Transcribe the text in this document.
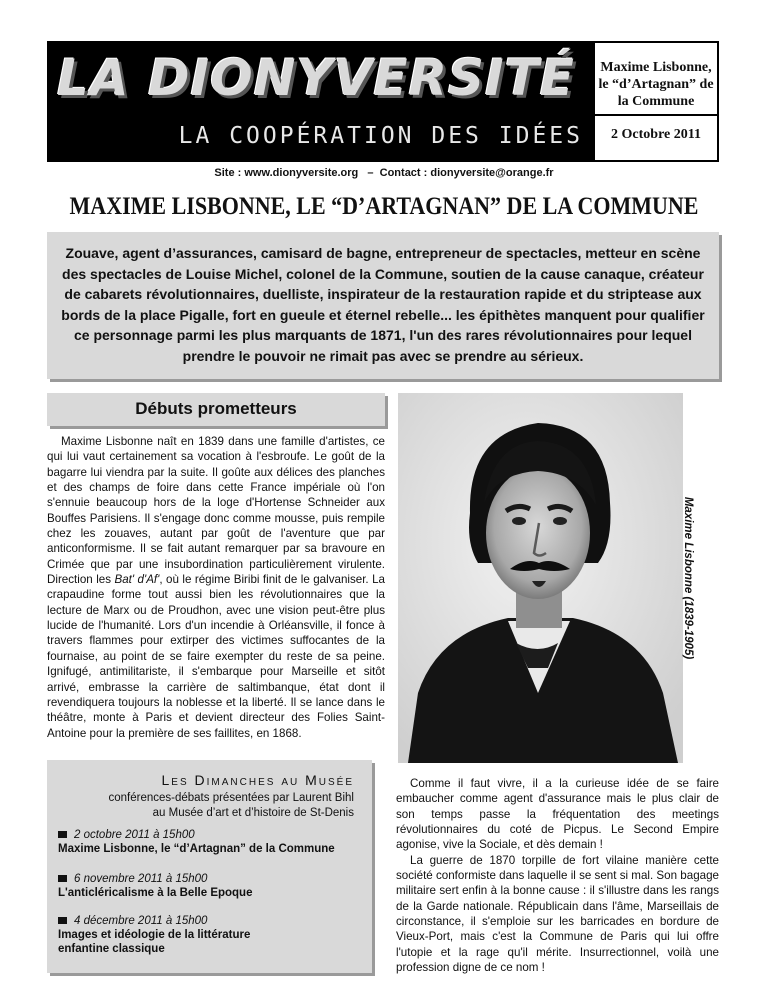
LA DIONYVERSITÉ
LA COOPÉRATION DES IDÉES
Maxime Lisbonne, le “d’Artagnan” de la Commune
2 Octobre 2011
Site : www.dionyversite.org   –  Contact : dionyversite@orange.fr
MAXIME LISBONNE, LE “D’ARTAGNAN” DE LA COMMUNE
Zouave, agent d’assurances, camisard de bagne, entrepreneur de spectacles, metteur en scène des spectacles de Louise Michel, colonel de la Commune, soutien de la cause canaque, créateur de cabarets révolutionnaires, duelliste, inspirateur de la restauration rapide et du striptease aux bords de la place Pigalle, fort en gueule et éternel rebelle... les épithètes manquent pour qualifier ce personnage parmi les plus marquants de 1871, l'un des rares révolutionnaires pour lequel prendre le pouvoir ne rimait pas avec se prendre au sérieux.
Débuts prometteurs

Maxime Lisbonne naît en 1839 dans une famille d'artistes, ce qui lui vaut certainement sa vocation à l'esbroufe. Le goût de la bagarre lui viendra par la suite. Il goûte aux délices des planches et des champs de foire dans cette France impériale où l'on s'ennuie beaucoup hors de la loge d'Hortense Schneider aux Bouffes Parisiens. Il s'engage donc comme mousse, puis rempile chez les zouaves, autant par goût de l'aventure que par anticonformisme. Il se fait autant remarquer par sa bravoure en Crimée que par une insubordination particulièrement virulente. Direction les Bat' d'Af', où le régime Biribi finit de le galvaniser. La crapaudine forme tout aussi bien les révolutionnaires que la lecture de Marx ou de Proudhon, avec une vision peut-être plus lucide de l'humanité. Lors d'un incendie à Orléansville, il fonce à travers flammes pour extirper des victimes suffocantes de la fournaise, au point de se faire exempter du reste de sa peine. Ignifugé, antimilitariste, il s'embarque pour Marseille et sitôt arrivé, embrasse la carrière de saltimbanque, état dont il revendiquera toujours la noblesse et la liberté. Il se lance dans le théâtre, monte à Paris et devient directeur des Folies Saint-Antoine pour la première de ses faillites, en 1868.

Maxime Lisbonne (1839-1905)
Les Dimanches au Musée
conférences-débats présentées par Laurent Bihl
au Musée d’art et d’histoire de St-Denis
2 octobre 2011 à 15h00
Maxime Lisbonne, le “d’Artagnan” de la Commune
6 novembre 2011 à 15h00
L'anticléricalisme à la Belle Epoque
4 décembre 2011 à 15h00
Images et idéologie de la littérature enfantine classique

Comme il faut vivre, il a la curieuse idée de se faire embaucher comme agent d'assurance mais le plus clair de son temps passe la fréquentation des meetings révolutionnaires du coté de Picpus. Le Second Empire agonise, vive la Sociale, et dès demain !

La guerre de 1870 torpille de fort vilaine manière cette société conformiste dans laquelle il se sent si mal. Son bagage militaire sert enfin à la bonne cause : il s'illustre dans les rangs de la Garde nationale. Républicain dans l'âme, Marseillais de circonstance, il s'emploie sur les barricades en bordure de Vieux-Port, mais c'est la Commune de Paris qui lui offre l'utopie et la rage qu'il mérite. Insurrectionnel, voilà une profession digne de ce nom !
